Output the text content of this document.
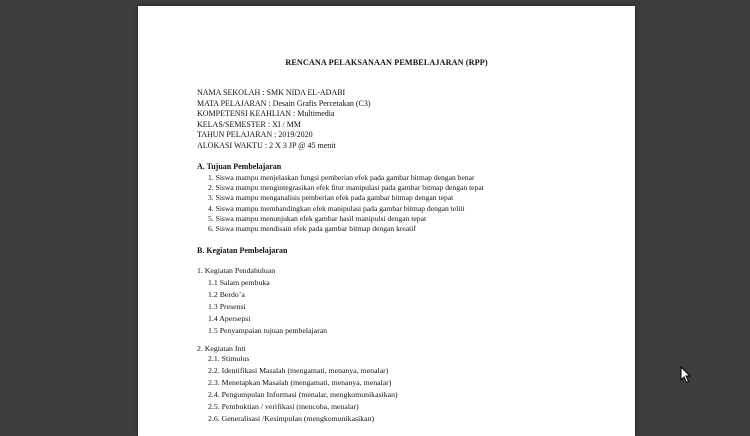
RENCANA PELAKSANAAN PEMBELAJARAN (RPP)
NAMA SEKOLAH : SMK NIDA EL-ADABI
MATA PELAJARAN : Desain Grafis Percetakan (C3)
KOMPETENSI KEAHLIAN : Multimedia
KELAS/SEMESTER : XI / MM
TAHUN PELAJARAN : 2019/2020
ALOKASI WAKTU : 2 X 3 JP @ 45 menit
A. Tujuan Pembelajaran
1. Siswa mampu menjelaskan fungsi pemberian efek pada gambar bitmap dengan benar
2. Siswa mampu mengintegrasikan efek fitur manipulasi pada gambar bitmap dengan tepat
3. Siswa mampu menganalisis pemberian efek pada gambar bitmap dengan tepat
4. Siswa mampu membandingkan efek manipulasi pada gambar bitmap dengan teliti
5. Siswa mampu menunjukan efek gambar hasil manipulsi dengan tepat
6. Siswa mampu mendisain efek pada gambar bitmap dengan kreatif
B. Kegiatan Pembelajaran
1. Kegiatan Pendahuluan
1.1 Salam pembuka
1.2 Berdo’a
1.3 Presensi
1.4 Apersepsi
1.5 Penyampaian tujuan pembelajaran
2. Kegiatan Inti
2.1. Stimulus
2.2. Identifikasi Masalah (mengamati, menanya, menalar)
2.3. Menetapkan Masalah (mengamati, menanya, menalar)
2.4. Pengumpulan Informasi (menalar, mengkomunikasikan)
2.5. Pembuktian / verifikasi (mencoba, menalar)
2.6. Generalisasi /Kesimpulan (mengkomunikasikan)
